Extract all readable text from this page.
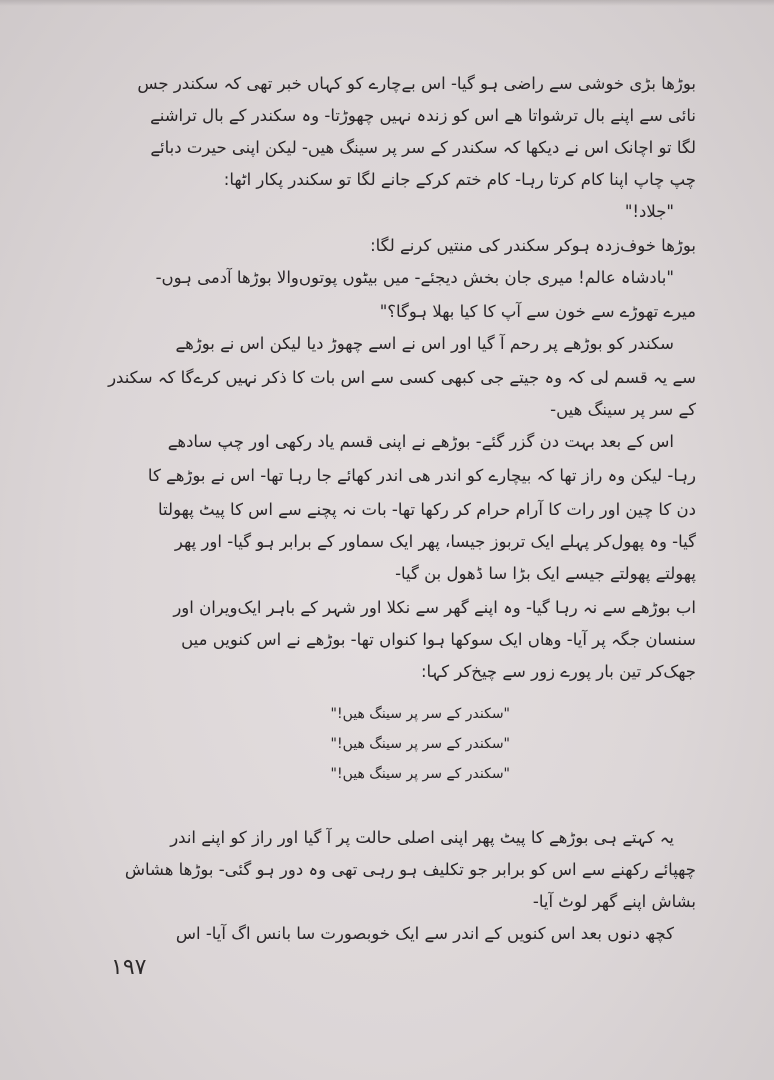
بوڑھا بڑی خوشی سے راضی ہو گیا- اس بےچارے کو کہاں خبر تھی کہ سکندر جس
نائی سے اپنے بال ترشواتا ھے اس کو زندہ نہیں چھوڑتا- وہ سکندر کے بال تراشنے
لگا تو اچانک اس نے دیکھا کہ سکندر کے سر پر سینگ ھیں- لیکن اپنی حیرت دبائے
چپ چاپ اپنا کام کرتا رہا- کام ختم کرکے جانے لگا تو سکندر پکار اٹھا:
"جلاد!"
بوڑھا خوف‌زدہ ہوکر سکندر کی منتیں کرنے لگا:
"بادشاہ عالم! میری جان بخش دیجئے- میں بیٹوں پوتوں‌والا بوڑھا آدمی ہوں-
میرے تھوڑے سے خون سے آپ کا کیا بھلا ہوگا؟"
سکندر کو بوڑھے پر رحم آ گیا اور اس نے اسے چھوڑ دیا لیکن اس نے بوڑھے
سے یہ قسم لی کہ وہ جیتے جی کبھی کسی سے اس بات کا ذکر نہیں کرےگا کہ سکندر
کے سر پر سینگ ھیں-
اس کے بعد بہت دن گزر گئے- بوڑھے نے اپنی قسم یاد رکھی اور چپ سادھے
رہا- لیکن وہ راز تھا کہ بیچارے کو اندر ھی اندر کھائے جا رہا تھا- اس نے بوڑھے کا
دن کا چین اور رات کا آرام حرام کر رکھا تھا- بات نہ پچنے سے اس کا پیٹ پھولتا
گیا- وہ پھول‌کر پہلے ایک تربوز جیسا، پھر ایک سماور کے برابر ہو گیا- اور پھر
پھولتے پھولتے جیسے ایک بڑا سا ڈھول بن گیا-
اب بوڑھے سے نہ رہا گیا- وہ اپنے گھر سے نکلا اور شہر کے باہر ایک‌ویران اور
سنسان جگہ پر آیا- وھاں ایک سوکھا ہوا کنواں تھا- بوڑھے نے اس کنویں میں
جھک‌کر تین بار پورے زور سے چیخ‌کر کہا:
"سکندر کے سر پر سینگ ھیں!"
"سکندر کے سر پر سینگ ھیں!"
"سکندر کے سر پر سینگ ھیں!"
یہ کہتے ہی بوڑھے کا پیٹ پھر اپنی اصلی حالت پر آ گیا اور راز کو اپنے اندر
چھپائے رکھنے سے اس کو برابر جو تکلیف ہو رہی تھی وہ دور ہو گئی- بوڑھا ھشاش
بشاش اپنے گھر لوٹ آیا-
کچھ دنوں بعد اس کنویں کے اندر سے ایک خوبصورت سا بانس اگ آیا- اس
۱۹۷
